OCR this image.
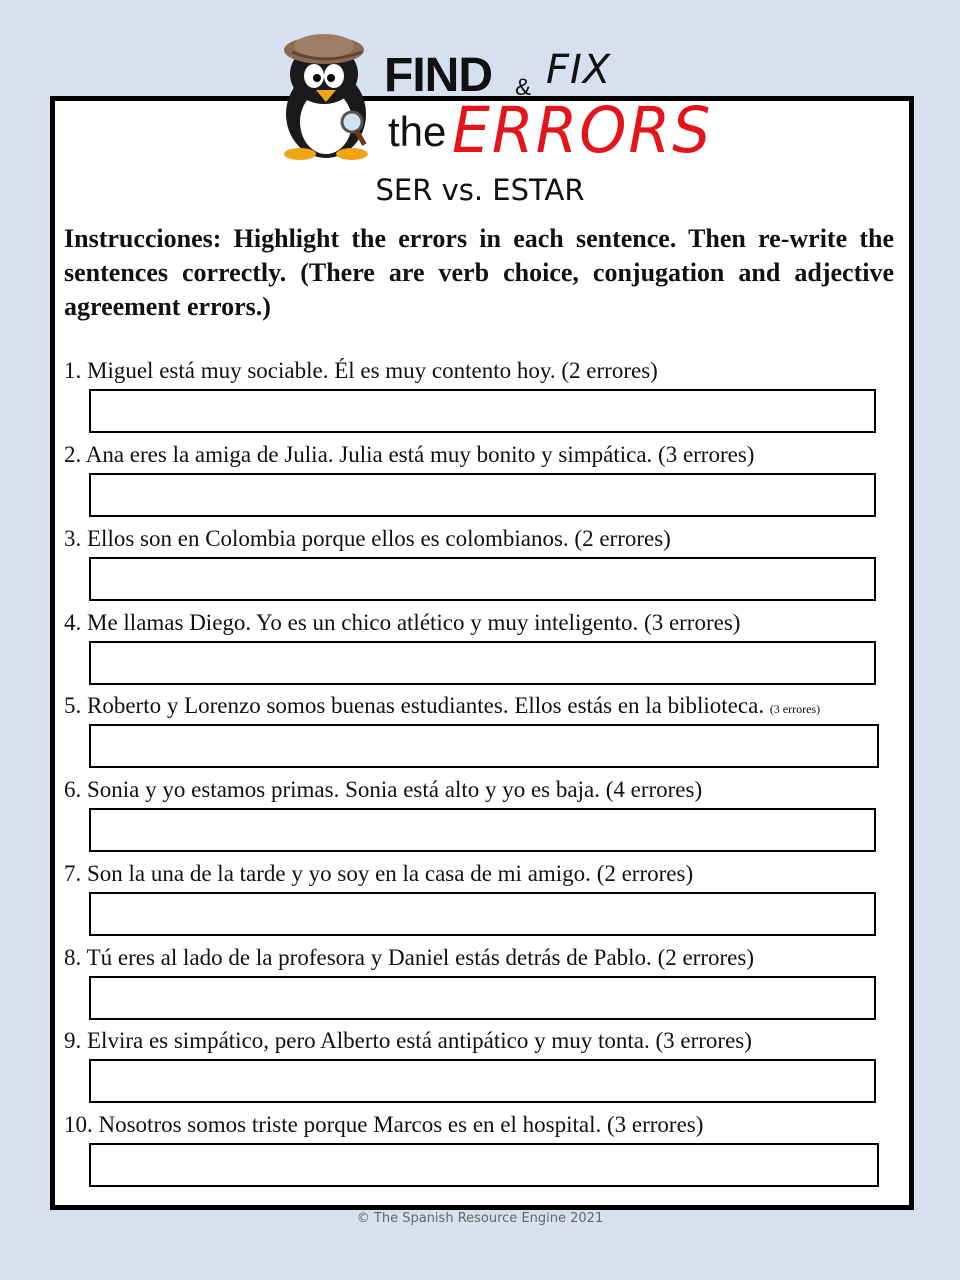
FIND & FIX
the ERRORS
SER vs. ESTAR
Instrucciones: Highlight the errors in each sentence. Then re-write the sentences correctly. (There are verb choice, conjugation and adjective agreement errors.)
1. Miguel está muy sociable. Él es muy contento hoy. (2 errores)
2. Ana eres la amiga de Julia. Julia está muy bonito y simpática. (3 errores)
3. Ellos son en Colombia porque ellos es colombianos. (2 errores)
4. Me llamas Diego. Yo es un chico atlético y muy inteligento. (3 errores)
5. Roberto y Lorenzo somos buenas estudiantes. Ellos estás en la biblioteca. (3 errores)
6. Sonia y yo estamos primas. Sonia está alto y yo es baja. (4 errores)
7. Son la una de la tarde y yo soy en la casa de mi amigo. (2 errores)
8. Tú eres al lado de la profesora y Daniel estás detrás de Pablo. (2 errores)
9. Elvira es simpático, pero Alberto está antipático y muy tonta. (3 errores)
10. Nosotros somos triste porque Marcos es en el hospital. (3 errores)
© The Spanish Resource Engine 2021
